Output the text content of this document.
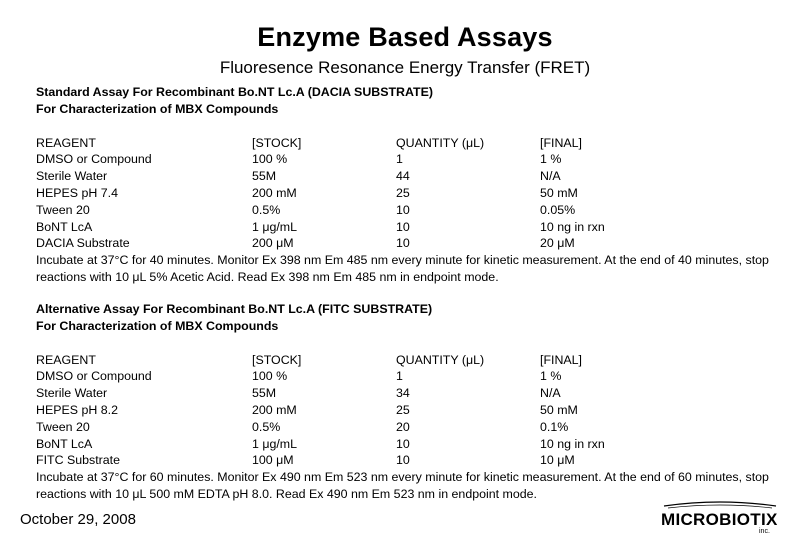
Enzyme Based Assays
Fluoresence Resonance Energy Transfer (FRET)
Standard Assay For Recombinant Bo.NT Lc.A (DACIA SUBSTRATE)
For Characterization of MBX Compounds
REAGENT	[STOCK]	QUANTITY (μL)	[FINAL]
DMSO or Compound	100 %	1	1 %
Sterile Water	55M	44	N/A
HEPES pH 7.4	200 mM	25	50 mM
Tween 20	0.5%	10	0.05%
BoNT LcA	1 μg/mL	10	10 ng in rxn
DACIA Substrate	200 μM	10	20 μM
Incubate at 37°C for 40 minutes. Monitor Ex 398 nm Em 485 nm every minute for kinetic measurement. At the end of 40 minutes, stop reactions with 10 μL 5% Acetic Acid. Read Ex 398 nm Em 485 nm in endpoint mode.
Alternative Assay For Recombinant Bo.NT Lc.A (FITC SUBSTRATE)
For Characterization of MBX Compounds
REAGENT	[STOCK]	QUANTITY (μL)	[FINAL]
DMSO or Compound	100 %	1	1 %
Sterile Water	55M	34	N/A
HEPES pH 8.2	200 mM	25	50 mM
Tween 20	0.5%	20	0.1%
BoNT LcA	1 μg/mL	10	10 ng in rxn
FITC Substrate	100 μM	10	10 μM
Incubate at 37°C for 60 minutes. Monitor Ex 490 nm Em 523 nm every minute for kinetic measurement. At the end of 60 minutes, stop reactions with 10 μL 500 mM EDTA pH 8.0. Read Ex 490 nm Em 523 nm in endpoint mode.
October 29, 2008	MICROBIOTIX
inc.
